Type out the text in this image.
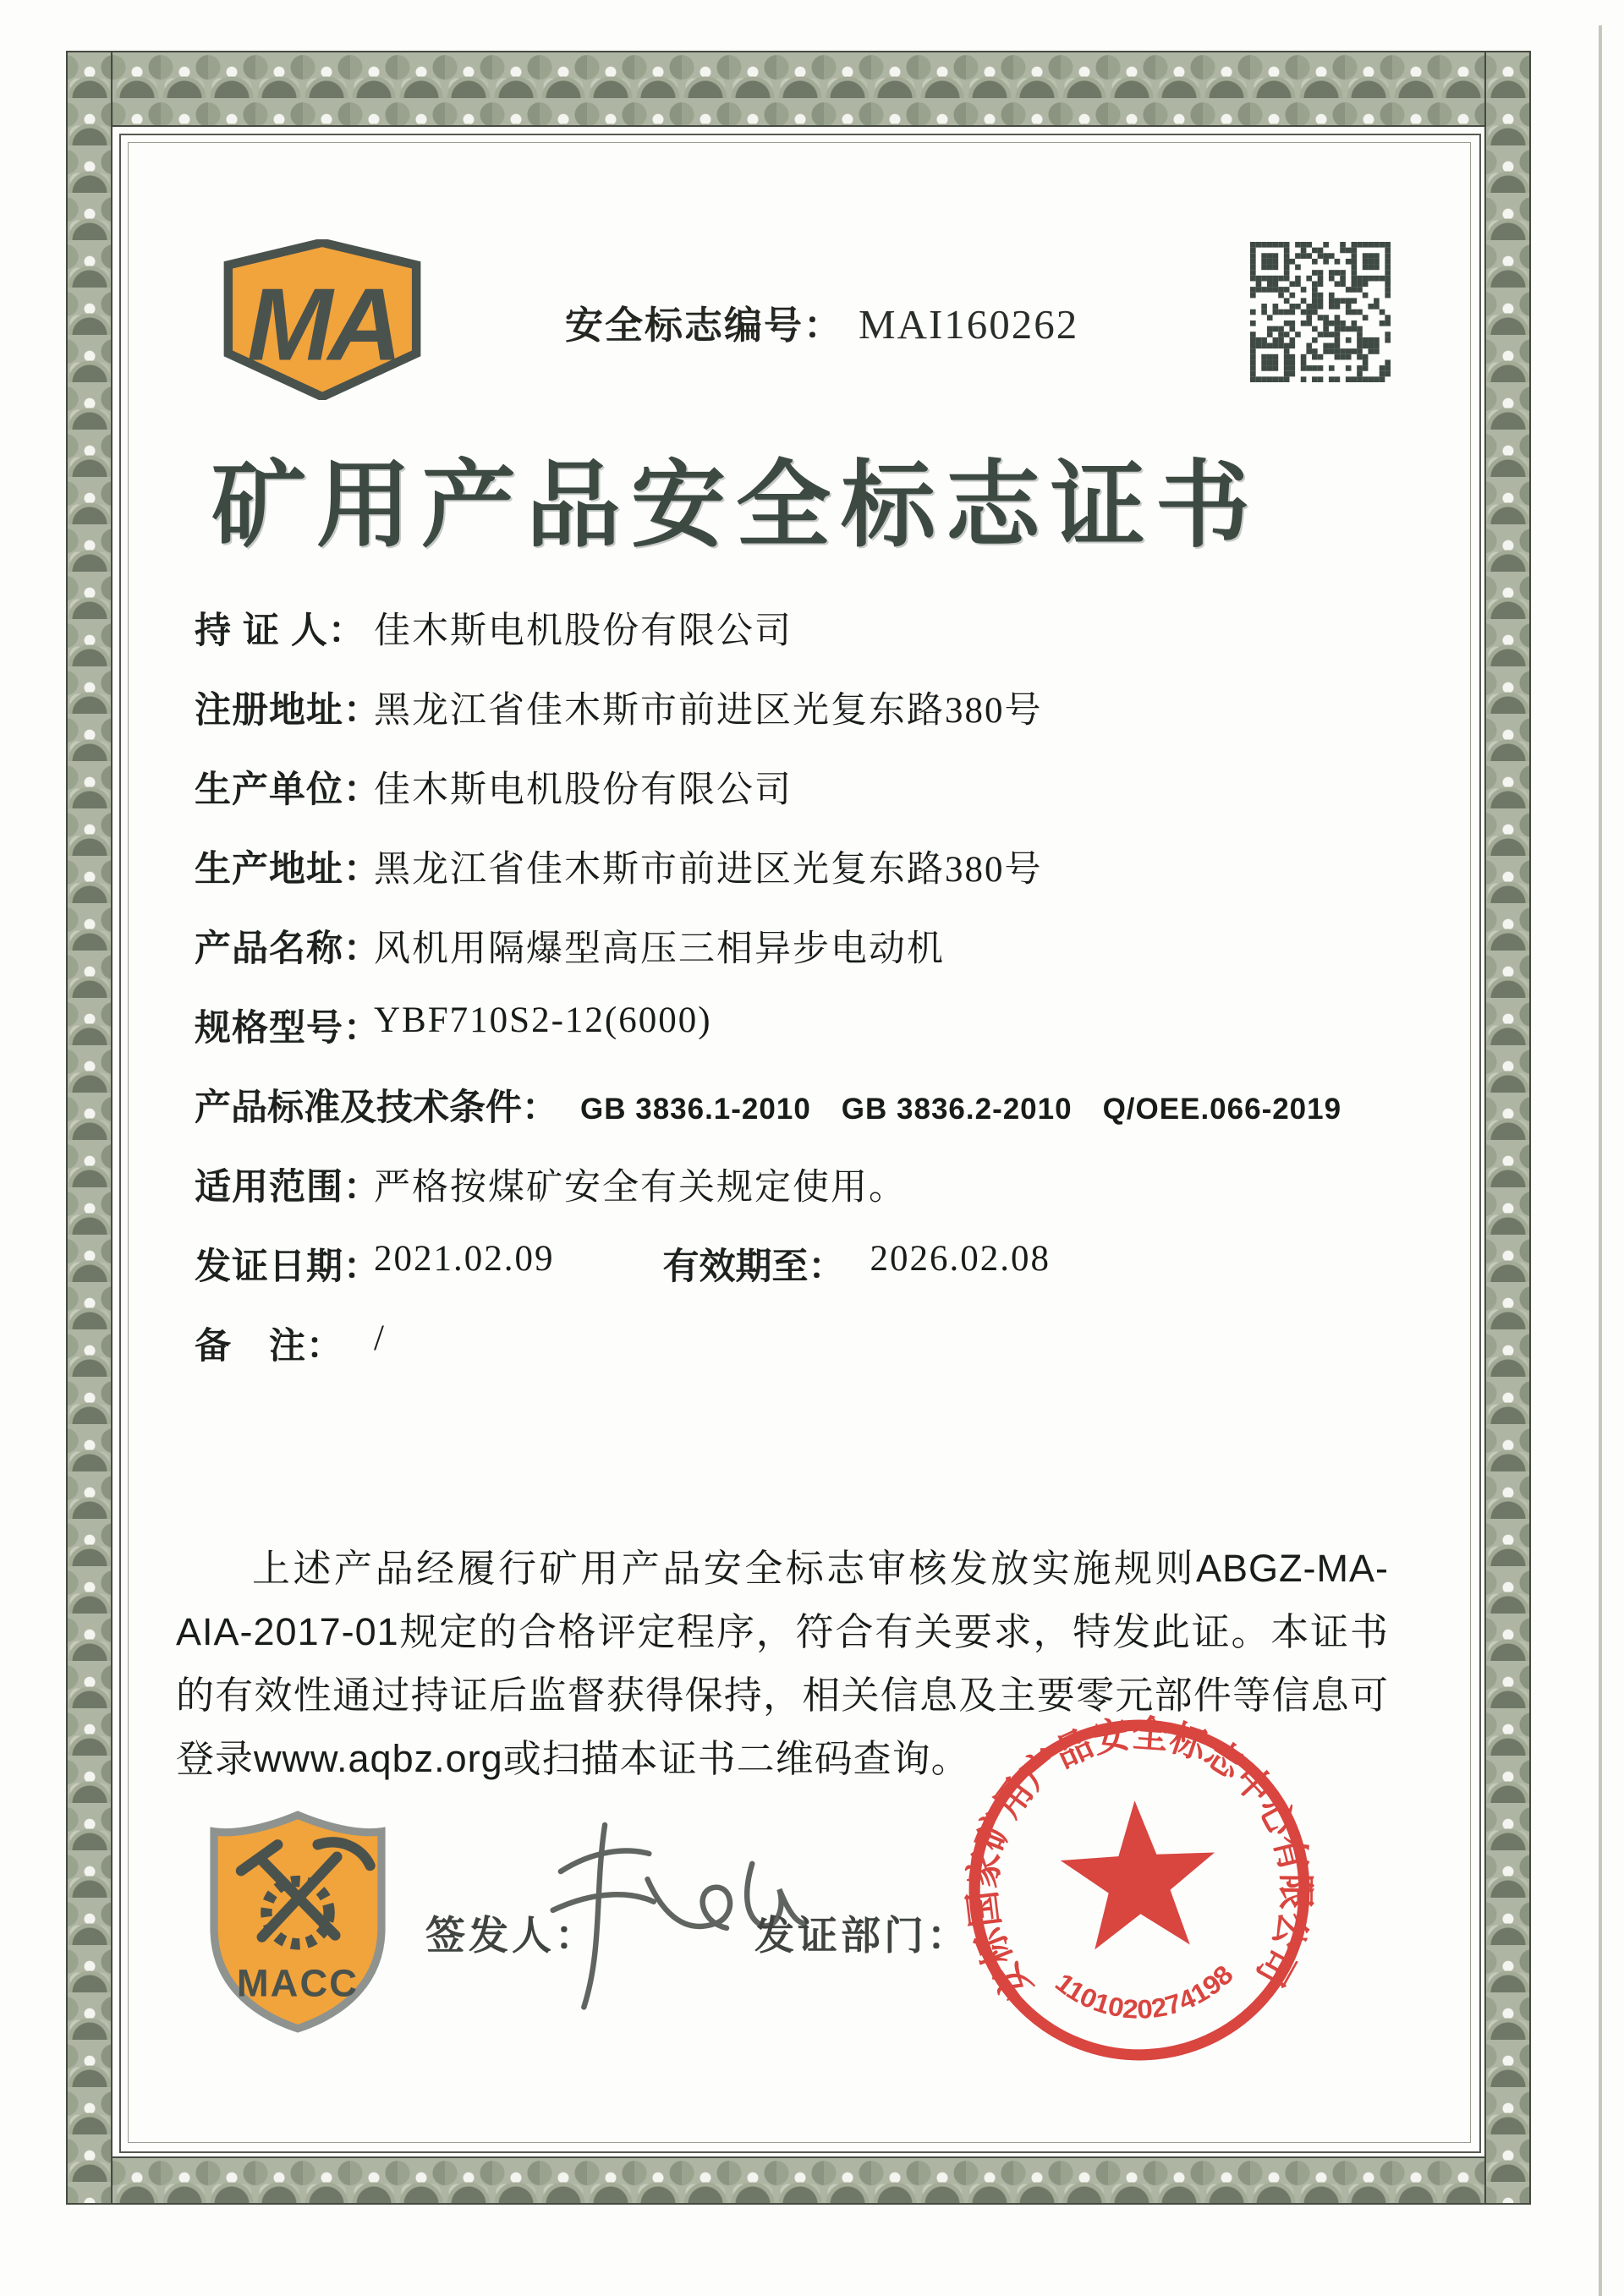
MA	安全标志编号： MAI160262
矿用产品安全标志证书
持 证 人： 佳木斯电机股份有限公司
注册地址：
黑龙江省佳木斯市前进区光复东路380号
生产单位：
佳木斯电机股份有限公司
生产地址：
黑龙江省佳木斯市前进区光复东路380号
产品名称：
风机用隔爆型高压三相异步电动机
规格型号：
YBF710S2-12(6000)
产品标准及技术条件： GB 3836.1-2010　GB 3836.2-2010　Q/OEE.066-2019
适用范围：
严格按煤矿安全有关规定使用。
发证日期：
2021.02.09	有效期至： 2026.02.08
备　注： /

上述产品经履行矿用产品安全标志审核发放实施规则ABGZ-MA-AIA-2017-01规定的合格评定程序，符合有关要求，特发此证。本证书的有效性通过持证后监督获得保持，相关信息及主要零元部件等信息可登录www.aqbz.org或扫描本证书二维码查询。

MACC
签发人：	发证部门：
安标国家矿用产品安全标志中心有限公司
1101020274198
